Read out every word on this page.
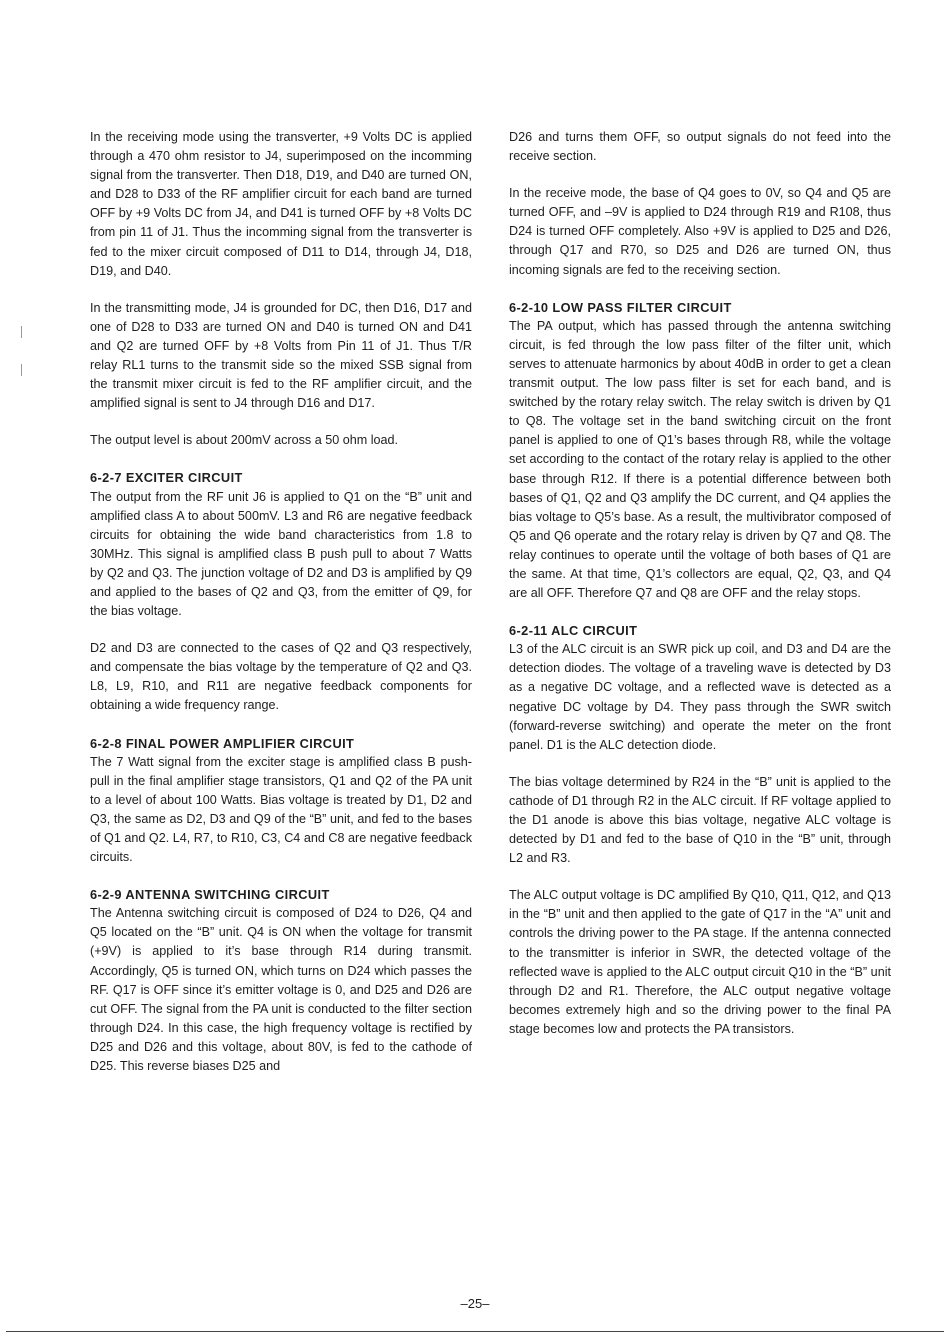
In the receiving mode using the transverter, +9 Volts DC is applied through a 470 ohm resistor to J4, superimposed on the incomming signal from the transverter. Then D18, D19, and D40 are turned ON, and D28 to D33 of the RF amplifier circuit for each band are turned OFF by +9 Volts DC from J4, and D41 is turned OFF by +8 Volts DC from pin 11 of J1. Thus the incomming signal from the transverter is fed to the mixer circuit composed of D11 to D14, through J4, D18, D19, and D40.

In the transmitting mode, J4 is grounded for DC, then D16, D17 and one of D28 to D33 are turned ON and D40 is turned ON and D41 and Q2 are turned OFF by +8 Volts from Pin 11 of J1. Thus T/R relay RL1 turns to the transmit side so the mixed SSB signal from the transmit mixer circuit is fed to the RF amplifier circuit, and the amplified signal is sent to J4 through D16 and D17.

The output level is about 200mV across a 50 ohm load.

6-2-7 EXCITER CIRCUIT

The output from the RF unit J6 is applied to Q1 on the “B” unit and amplified class A to about 500mV. L3 and R6 are negative feedback circuits for obtaining the wide band characteristics from 1.8 to 30MHz. This signal is amplified class B push pull to about 7 Watts by Q2 and Q3. The junction voltage of D2 and D3 is amplified by Q9 and applied to the bases of Q2 and Q3, from the emitter of Q9, for the bias voltage.

D2 and D3 are connected to the cases of Q2 and Q3 respectively, and compensate the bias voltage by the temperature of Q2 and Q3. L8, L9, R10, and R11 are negative feedback components for obtaining a wide frequency range.

6-2-8 FINAL POWER AMPLIFIER CIRCUIT

The 7 Watt signal from the exciter stage is amplified class B push-pull in the final amplifier stage transistors, Q1 and Q2 of the PA unit to a level of about 100 Watts. Bias voltage is treated by D1, D2 and Q3, the same as D2, D3 and Q9 of the “B” unit, and fed to the bases of Q1 and Q2. L4, R7, to R10, C3, C4 and C8 are negative feedback circuits.

6-2-9 ANTENNA SWITCHING CIRCUIT

The Antenna switching circuit is composed of D24 to D26, Q4 and Q5 located on the “B” unit. Q4 is ON when the voltage for transmit (+9V) is applied to it’s base through R14 during transmit. Accordingly, Q5 is turned ON, which turns on D24 which passes the RF. Q17 is OFF since it’s emitter voltage is 0, and D25 and D26 are cut OFF. The signal from the PA unit is conducted to the filter section through D24. In this case, the high frequency voltage is rectified by D25 and D26 and this voltage, about 80V, is fed to the cathode of D25. This reverse biases D25 and

D26 and turns them OFF, so output signals do not feed into the receive section.

In the receive mode, the base of Q4 goes to 0V, so Q4 and Q5 are turned OFF, and –9V is applied to D24 through R19 and R108, thus D24 is turned OFF completely. Also +9V is applied to D25 and D26, through Q17 and R70, so D25 and D26 are turned ON, thus incoming signals are fed to the receiving section.

6-2-10 LOW PASS FILTER CIRCUIT

The PA output, which has passed through the antenna switching circuit, is fed through the low pass filter of the filter unit, which serves to attenuate harmonics by about 40dB in order to get a clean transmit output. The low pass filter is set for each band, and is switched by the rotary relay switch. The relay switch is driven by Q1 to Q8. The voltage set in the band switching circuit on the front panel is applied to one of Q1’s bases through R8, while the voltage set according to the contact of the rotary relay is applied to the other base through R12. If there is a potential difference between both bases of Q1, Q2 and Q3 amplify the DC current, and Q4 applies the bias voltage to Q5’s base. As a result, the multivibrator composed of Q5 and Q6 operate and the rotary relay is driven by Q7 and Q8. The relay continues to operate until the voltage of both bases of Q1 are the same. At that time, Q1’s collectors are equal, Q2, Q3, and Q4 are all OFF. Therefore Q7 and Q8 are OFF and the relay stops.

6-2-11 ALC CIRCUIT

L3 of the ALC circuit is an SWR pick up coil, and D3 and D4 are the detection diodes. The voltage of a traveling wave is detected by D3 as a negative DC voltage, and a reflected wave is detected as a negative DC voltage by D4. They pass through the SWR switch (forward-reverse switching) and operate the meter on the front panel. D1 is the ALC detection diode.

The bias voltage determined by R24 in the “B” unit is applied to the cathode of D1 through R2 in the ALC circuit. If RF voltage applied to the D1 anode is above this bias voltage, negative ALC voltage is detected by D1 and fed to the base of Q10 in the “B” unit, through L2 and R3.

The ALC output voltage is DC amplified By Q10, Q11, Q12, and Q13 in the “B” unit and then applied to the gate of Q17 in the “A” unit and controls the driving power to the PA stage. If the antenna connected to the transmitter is inferior in SWR, the detected voltage of the reflected wave is applied to the ALC output circuit Q10 in the “B” unit through D2 and R1. Therefore, the ALC output negative voltage becomes extremely high and so the driving power to the final PA stage becomes low and protects the PA transistors.

–25–
